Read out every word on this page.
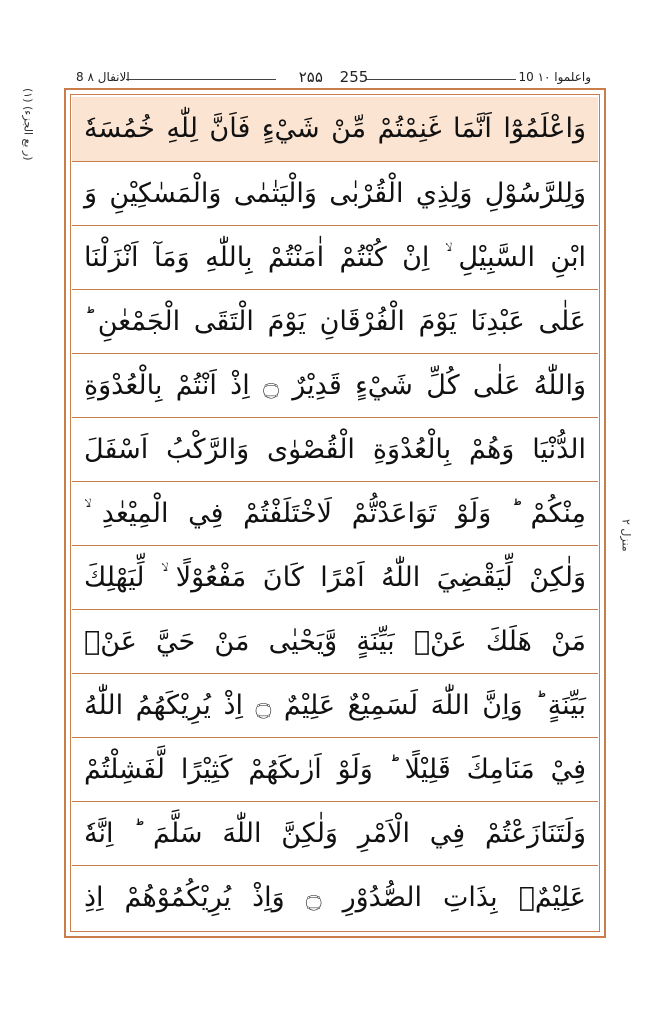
الانفال ۸ 8	۲۵۵ 255	10 واعلموا ۱۰
(۱) (ر بع الجزء)
منزل ۲
وَاعْلَمُوْٓا اَنَّمَا غَنِمْتُمْ مِّنْ شَيْءٍ فَاَنَّ لِلّٰهِ خُمُسَهٗ
وَلِلرَّسُوْلِ وَلِذِي الْقُرْبٰى وَالْيَتٰمٰى وَالْمَسٰكِيْنِ وَ
ابْنِ السَّبِيْلِ ۙ اِنْ كُنْتُمْ اٰمَنْتُمْ بِاللّٰهِ وَمَآ اَنْزَلْنَا
عَلٰى عَبْدِنَا يَوْمَ الْفُرْقَانِ يَوْمَ الْتَقَى الْجَمْعٰنِ ؕ
وَاللّٰهُ عَلٰى كُلِّ شَيْءٍ قَدِيْرٌ ۝ اِذْ اَنْتُمْ بِالْعُدْوَةِ
الدُّنْيَا وَهُمْ بِالْعُدْوَةِ الْقُصْوٰى وَالرَّكْبُ اَسْفَلَ
مِنْكُمْ ؕ وَلَوْ تَوَاعَدْتُّمْ لَاخْتَلَفْتُمْ فِي الْمِيْعٰدِ ۙ
وَلٰكِنْ لِّيَقْضِيَ اللّٰهُ اَمْرًا كَانَ مَفْعُوْلًا ۙ لِّيَهْلِكَ
مَنْ هَلَكَ عَنْۢ بَيِّنَةٍ وَّيَحْيٰى مَنْ حَيَّ عَنْۢ
بَيِّنَةٍ ؕ وَاِنَّ اللّٰهَ لَسَمِيْعٌ عَلِيْمٌ ۝ اِذْ يُرِيْكَهُمُ اللّٰهُ
فِيْ مَنَامِكَ قَلِيْلًا ؕ وَلَوْ اَرٰىكَهُمْ كَثِيْرًا لَّفَشِلْتُمْ
وَلَتَنَازَعْتُمْ فِي الْاَمْرِ وَلٰكِنَّ اللّٰهَ سَلَّمَ ؕ اِنَّهٗ
عَلِيْمٌۢ بِذَاتِ الصُّدُوْرِ ۝ وَاِذْ يُرِيْكُمُوْهُمْ اِذِ
